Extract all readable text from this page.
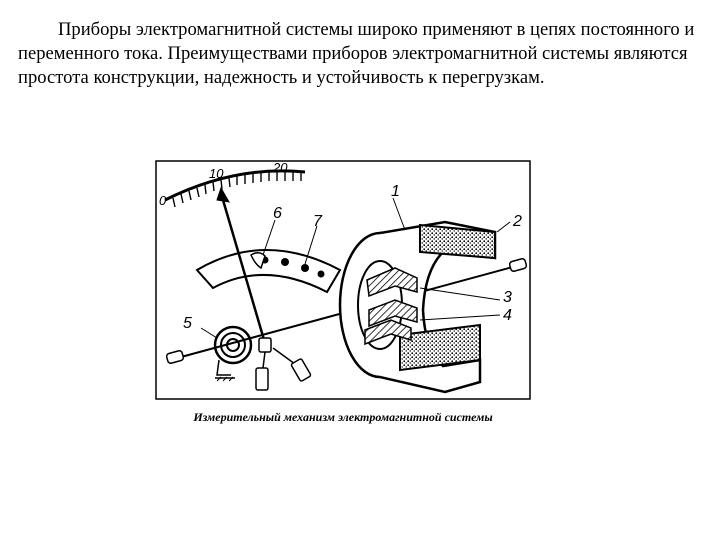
Приборы электромагнитной системы широко применяют в цепях постоянного и переменного тока. Преимуществами приборов электромагнитной системы являются простота конструкции, надежность и устойчивость к перегрузкам.

0
10	20
1
2
3
4
5
6 7
Измерительный механизм электромагнитной системы
